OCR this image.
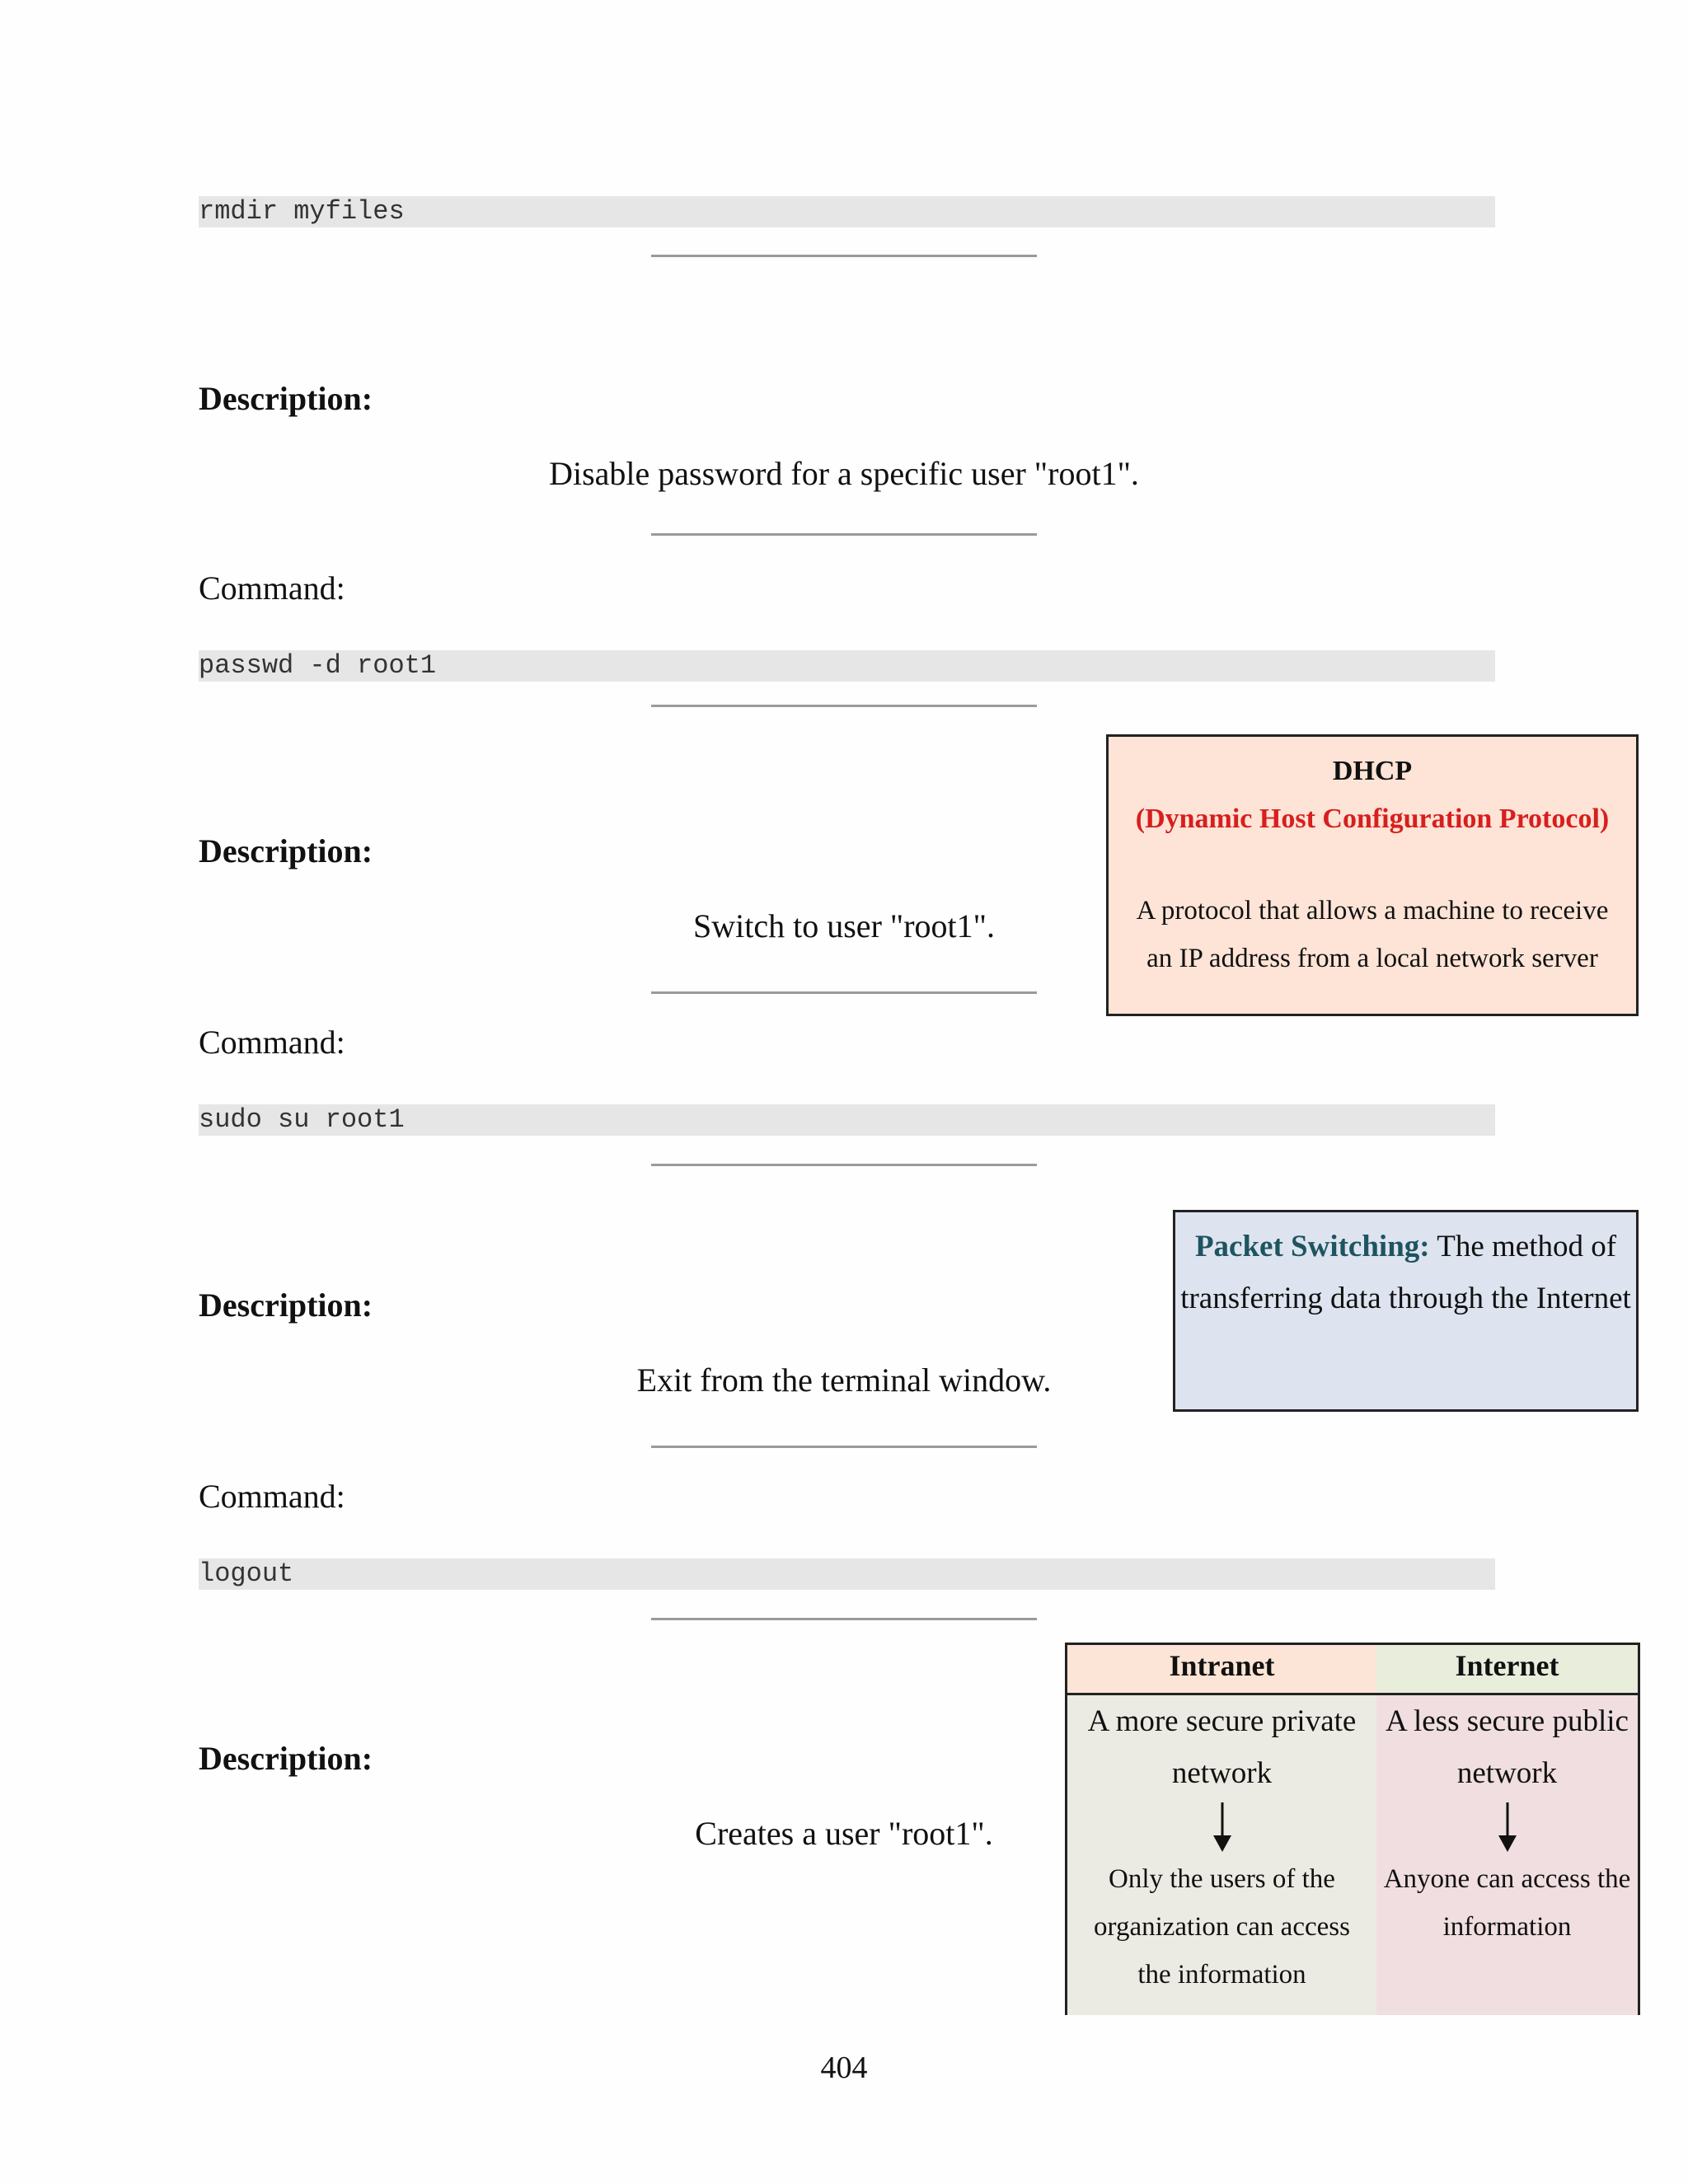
rmdir myfiles
Description:
Disable password for a specific user "root1".
Command:
passwd -d root1
Description:
Switch to user "root1".
Command:
sudo su root1
Description:
Exit from the terminal window.
Command:
logout
Description:
Creates a user "root1".
DHCP
(Dynamic Host Configuration Protocol)
A protocol that allows a machine to receive an IP address from a local network server
Packet Switching: The method of transferring data through the Internet
Intranet
A more secure private network
Only the users of the organization can access the information
Internet
A less secure public network
Anyone can access the information
404
